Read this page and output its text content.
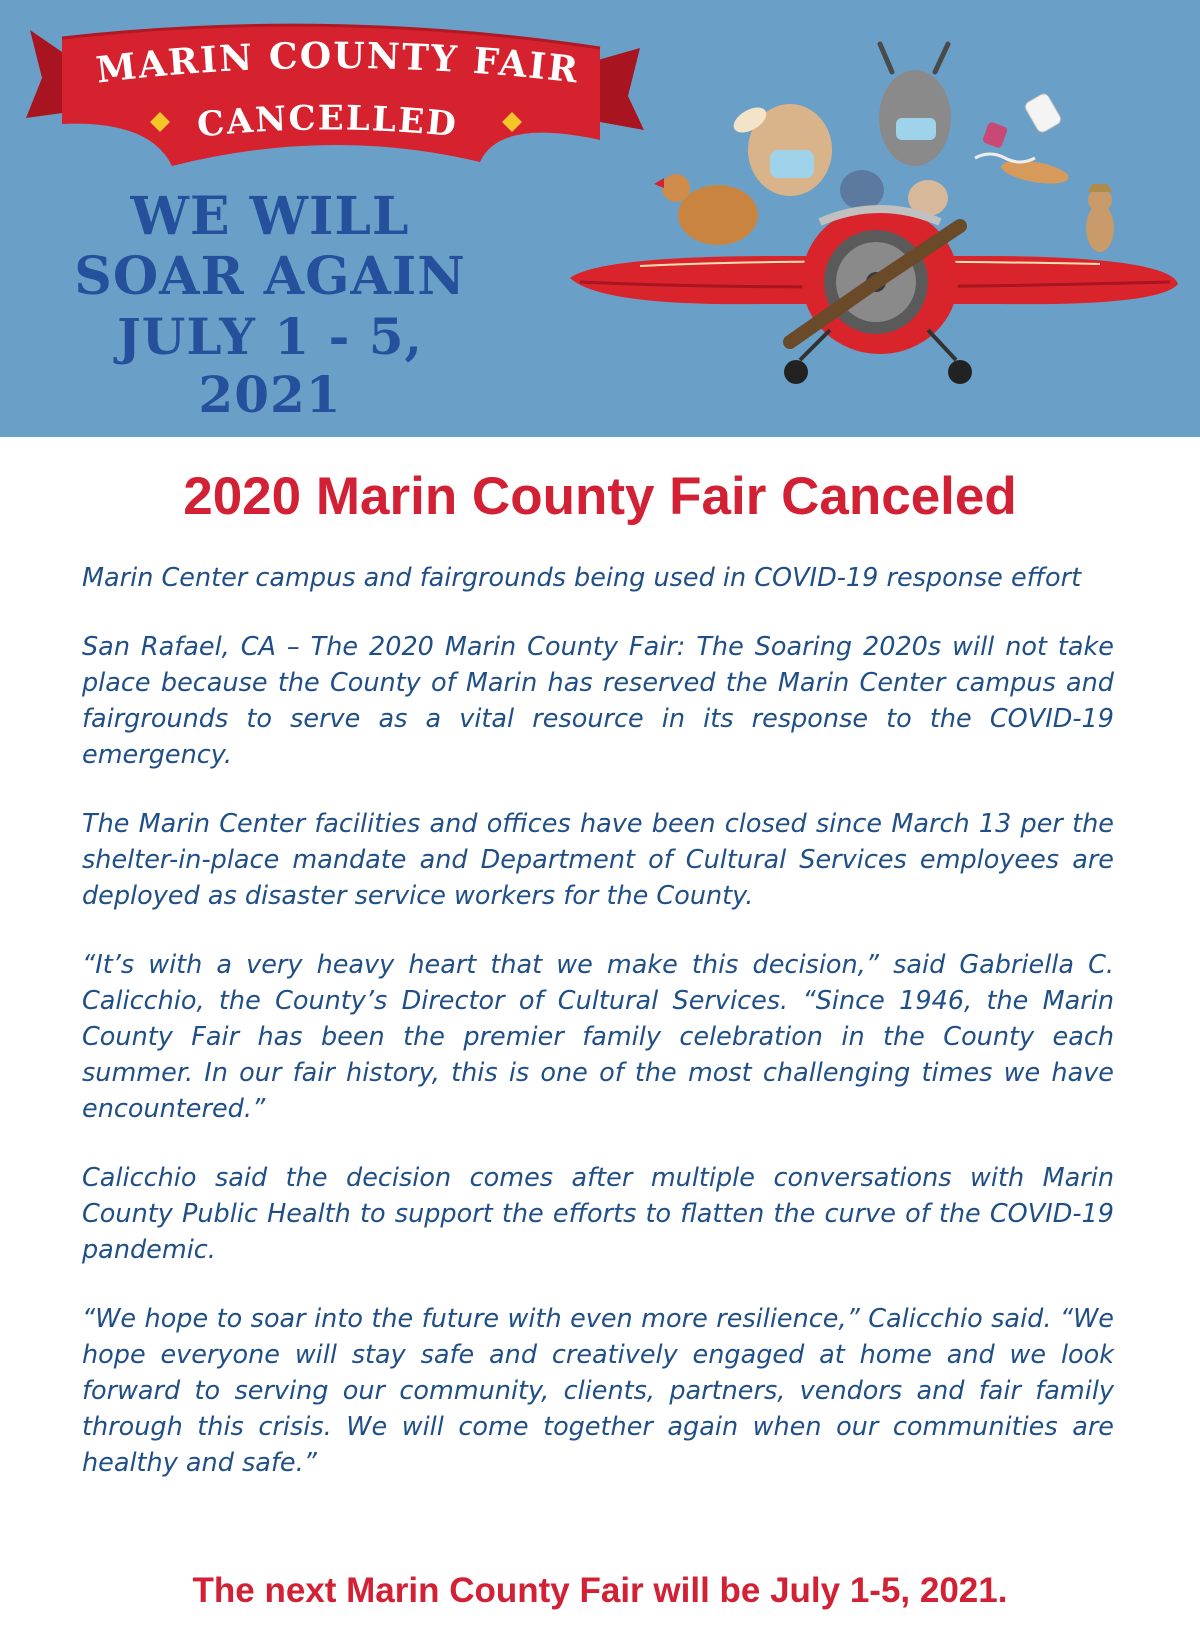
MARIN COUNTY FAIR
CANCELLED
WE WILL
SOAR AGAIN
JULY 1 - 5, 2021
2020 Marin County Fair Canceled

Marin Center campus and fairgrounds being used in COVID-19 response effort

San Rafael, CA – The 2020 Marin County Fair: The Soaring 2020s will not take place because the County of Marin has reserved the Marin Center campus and fairgrounds to serve as a vital resource in its response to the COVID-19 emergency.

The Marin Center facilities and offices have been closed since March 13 per the shelter-in-place mandate and Department of Cultural Services employees are deployed as disaster service workers for the County.

“It’s with a very heavy heart that we make this decision,” said Gabriella C. Calicchio, the County’s Director of Cultural Services. “Since 1946, the Marin County Fair has been the premier family celebration in the County each summer. In our fair history, this is one of the most challenging times we have encountered.”

Calicchio said the decision comes after multiple conversations with Marin County Public Health to support the efforts to flatten the curve of the COVID-19 pandemic.

“We hope to soar into the future with even more resilience,” Calicchio said. “We hope everyone will stay safe and creatively engaged at home and we look forward to serving our community, clients, partners, vendors and fair family through this crisis. We will come together again when our communities are healthy and safe.”

The next Marin County Fair will be July 1-5, 2021.
